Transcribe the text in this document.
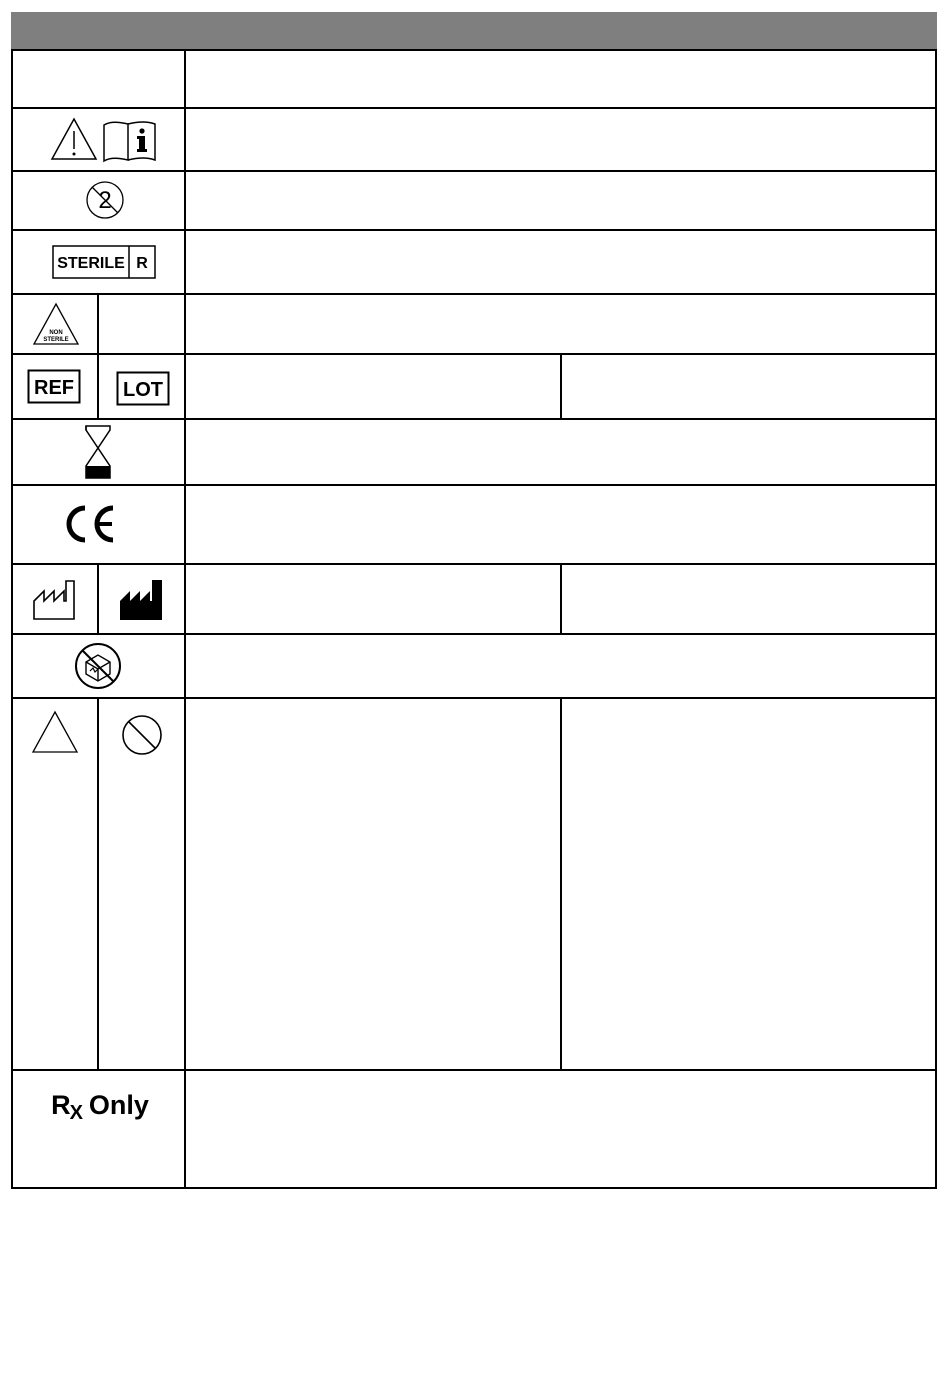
2
STERILE R
NON
STERILE
REF LOT
RX Only
